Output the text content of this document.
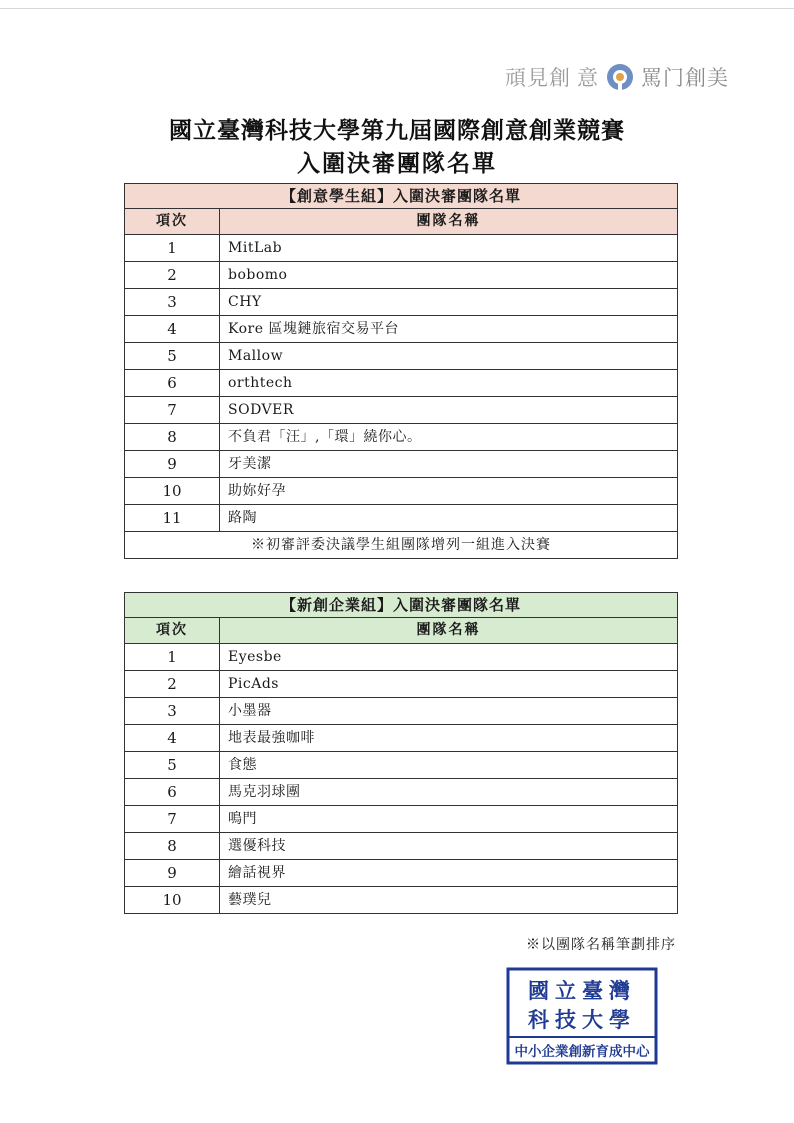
頑見創 意 罵门創美
國立臺灣科技大學第九屆國際創意創業競賽
入圍決審團隊名單
【創意學生組】入圍決審團隊名單	
項次	團隊名稱
1	MitLab
2	bobomo
3	CHY
4	Kore 區塊鏈旅宿交易平台
5	Mallow
6	orthtech
7	SODVER
8	不負君「汪」,「環」繞你心。
9	牙美潔
10	助妳好孕
11	路陶
※初審評委決議學生組團隊增列一組進入決賽	
【新創企業組】入圍決審團隊名單	
項次	團隊名稱
1	Eyesbe
2	PicAds
3	小墨器
4	地表最強咖啡
5	食態
6	馬克羽球團
7	鳴門
8	選優科技
9	繪話視界
10	藝璞兒
※以團隊名稱筆劃排序
國立臺灣
科技大學
中小企業創新育成中心
